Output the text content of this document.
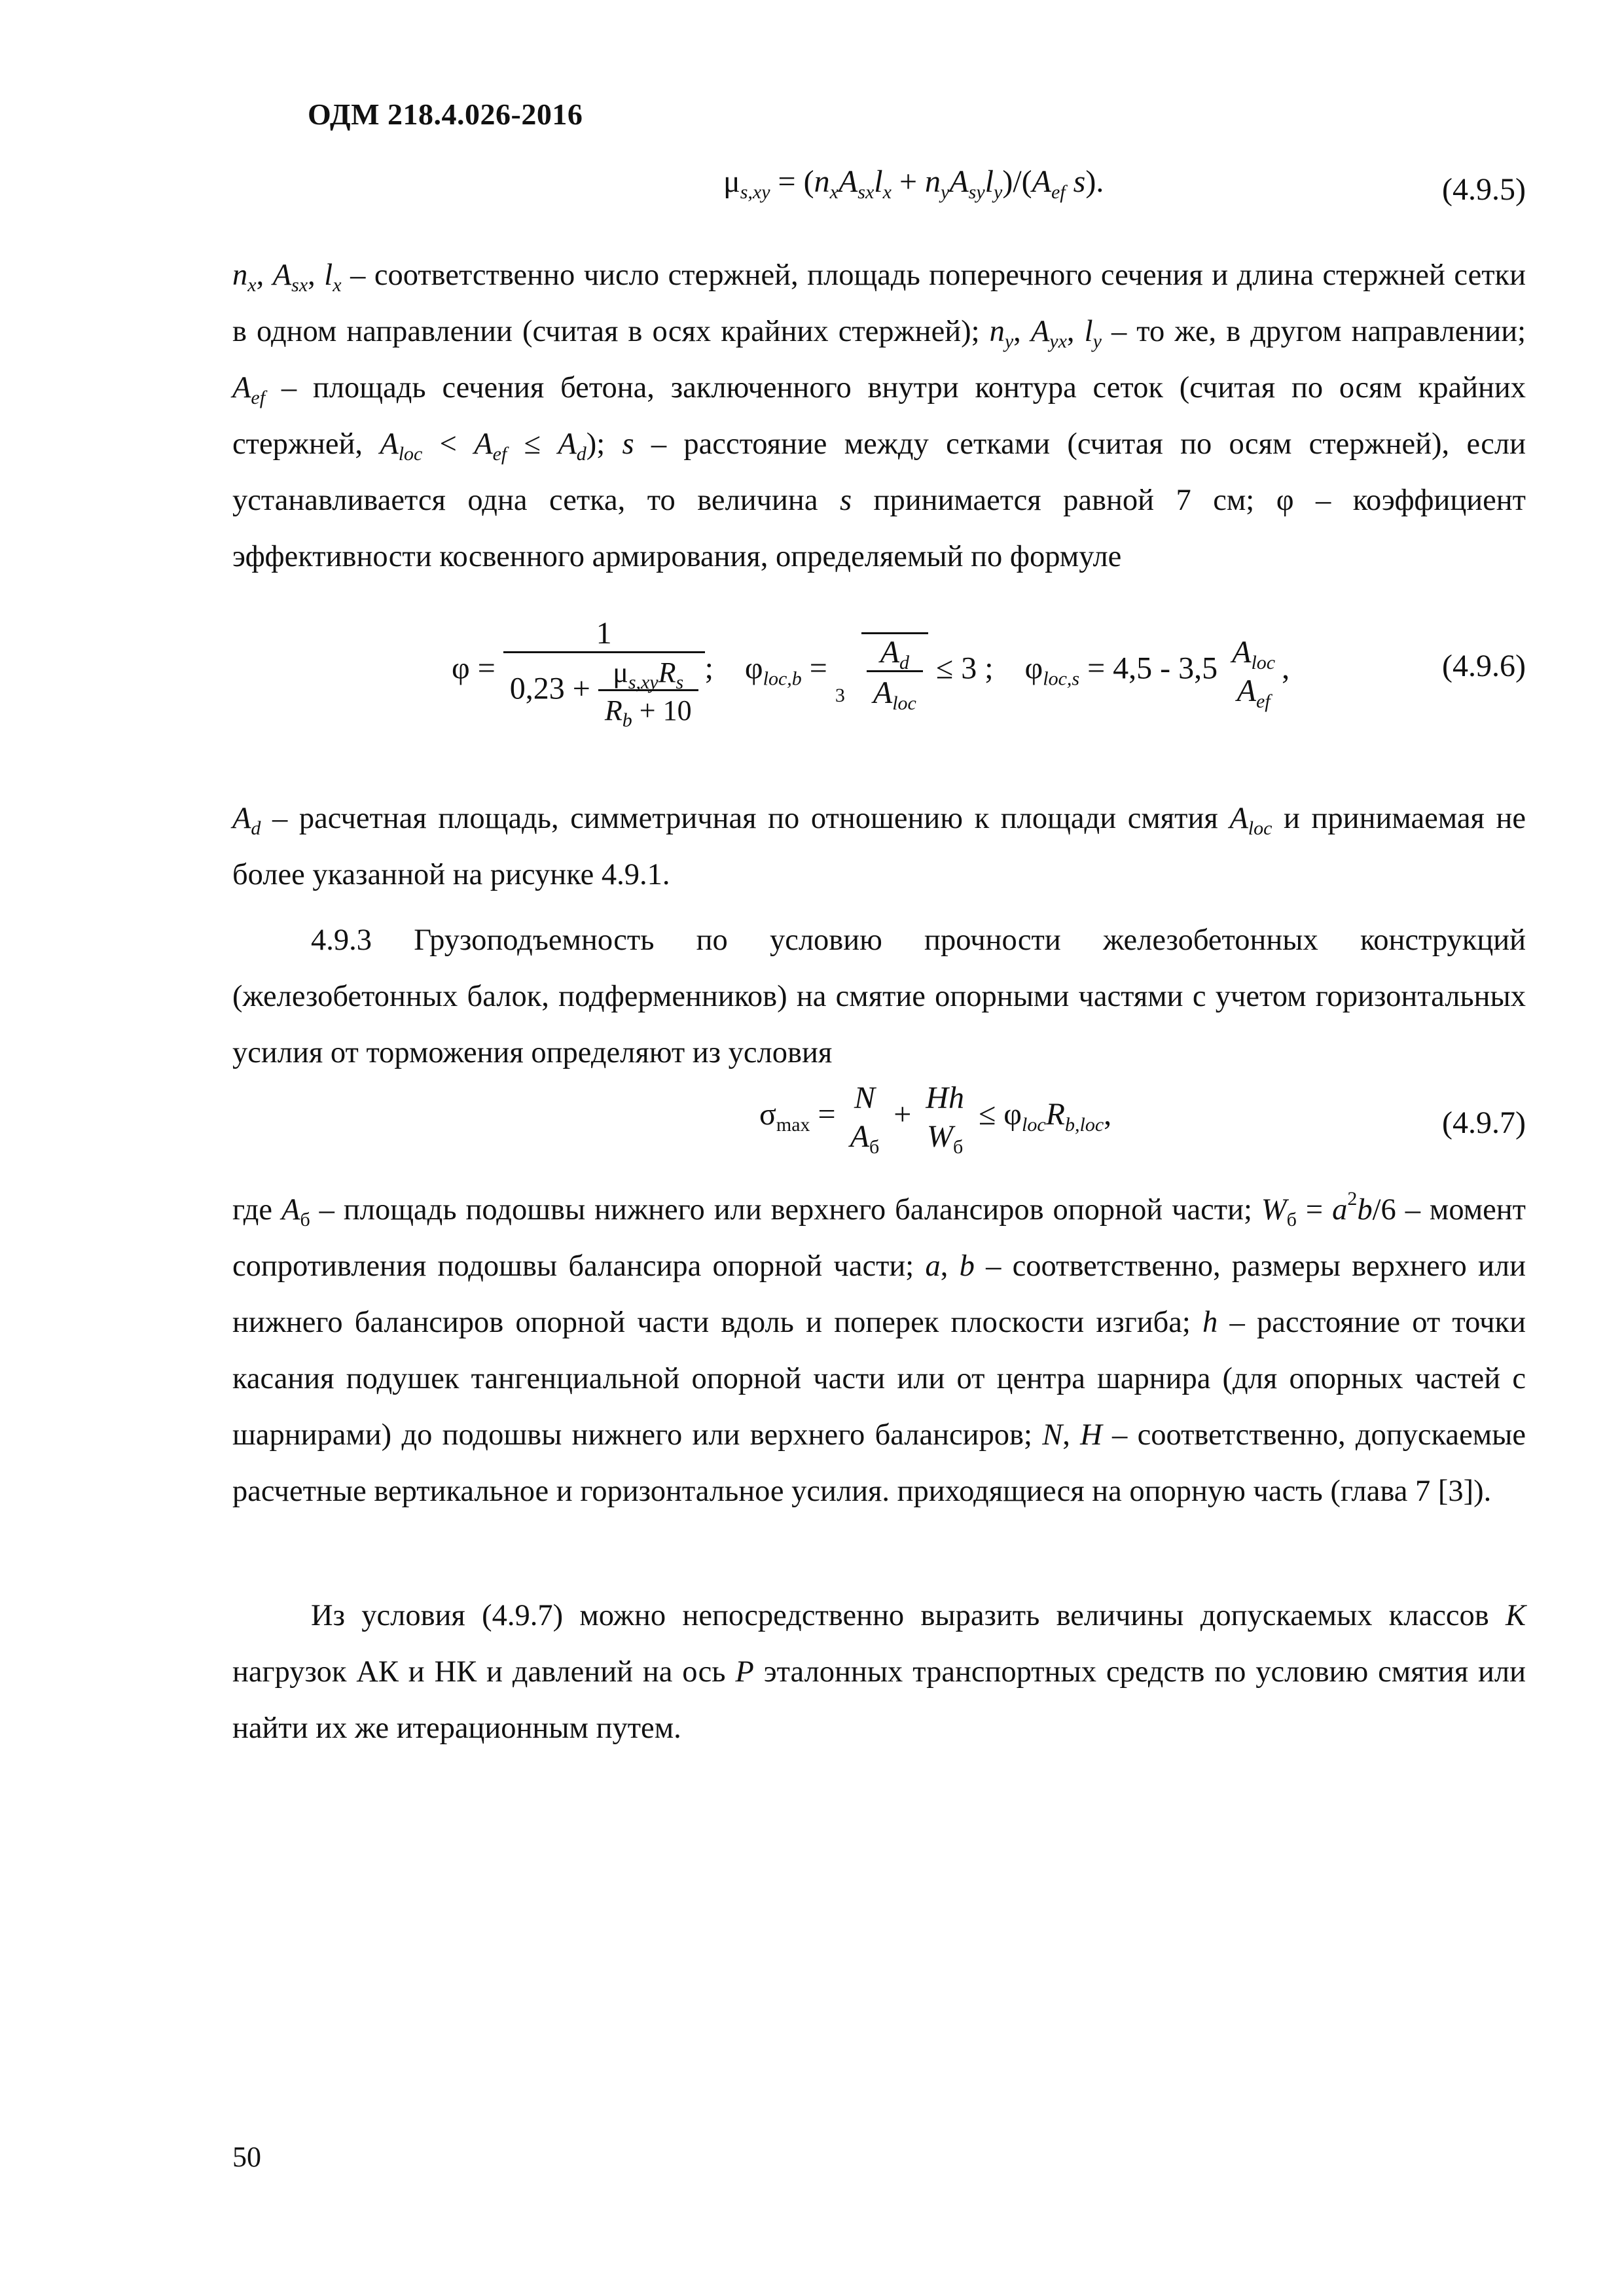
ОДМ 218.4.026-2016
$\mu_{s,xy} = (n_xA_{sx}l_x + n_yA_{sy}l_y)/(A_{ef}$ s).	(4.9.5)
$n_x$, $A_{sx}$, $l_x$ – соответственно число стержней, площадь поперечного сечения и длина стержней сетки в одном направлении (считая в осях крайних стержней); $n_y$, $A_{yx}$, $l_y$ – то же, в другом направлении; $A_{ef}$ – площадь сечения бетона, заключенного внутри контура сеток (считая по осям крайних стержней, $A_{loc} < A_{ef} \le A_d$); s – расстояние между сетками (считая по осям стержней), если устанавливается одна сетка, то величина s принимается равной 7 см; φ – коэффициент эффективности косвенного армирования, определяемый по формуле
$\varphi = \frac{1}{0,23 + \frac{\mu_{s,xy}R_s}{R_b + 10}}$ ;    $\varphi_{loc,b}$ =
$3 \frac{A_d}{A_{loc}} \le 3$ ;    $\varphi_{loc,s} = 4,5 - 3,5$ $A_{loc}$
$A_{ef}$
,	(4.9.6)
$A_d$ – расчетная площадь, симметричная по отношению к площади смятия $A_{loc}$ и принимаемая не более указанной на рисунке 4.9.1.
4.9.3 Грузоподъемность по условию прочности железобетонных конструкций (железобетонных балок, подферменников) на смятие опорными частями с учетом горизонтальных усилия от торможения определяют из условия
$\sigma_{max} = N$
$A_б$
+ Hh
$W_б$
≤ $\varphi_{loc}R_{b,loc}$,	(4.9.7)
где $A_б$ – площадь подошвы нижнего или верхнего балансиров опорной части; $W_б = a^2b/6$ – момент сопротивления подошвы балансира опорной части; a, b – соответственно, размеры верхнего или нижнего балансиров опорной части вдоль и поперек плоскости изгиба; h – расстояние от точки касания подушек тангенциальной опорной части или от центра шарнира (для опорных частей с шарнирами) до подошвы нижнего или верхнего балансиров; N, H – соответственно, допускаемые расчетные вертикальное и горизонтальное усилия. приходящиеся на опорную часть (глава 7 [3]).
Из условия (4.9.7) можно непосредственно выразить величины допускаемых классов K нагрузок АК и НК и давлений на ось P эталонных транспортных средств по условию смятия или найти их же итерационным путем.
50
